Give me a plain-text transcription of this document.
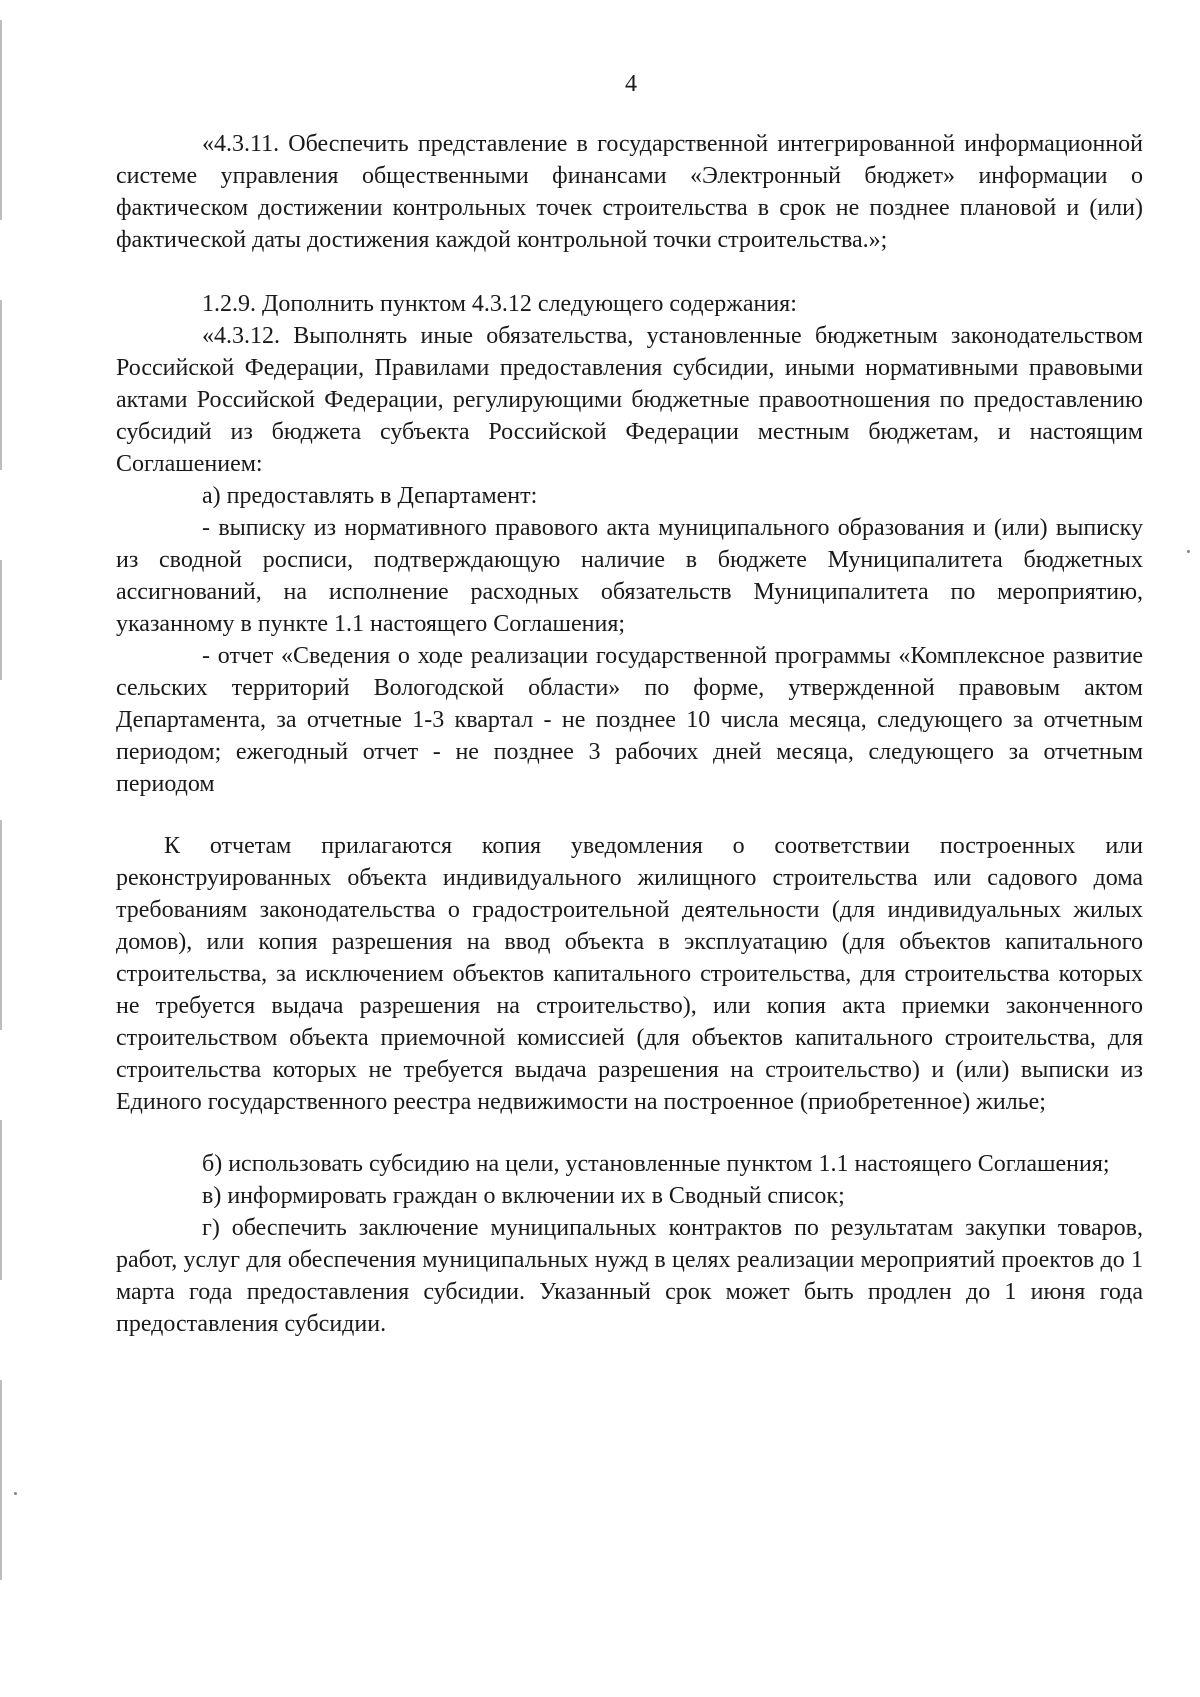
4

«4.3.11. Обеспечить представление в государственной интегрированной информационной системе управления общественными финансами «Электронный бюджет» информации о фактическом достижении контрольных точек строительства в срок не позднее плановой и (или) фактической даты достижения каждой контрольной точки строительства.»;

1.2.9. Дополнить пунктом 4.3.12 следующего содержания:

«4.3.12. Выполнять иные обязательства, установленные бюджетным законодательством Российской Федерации, Правилами предоставления субсидии, иными нормативными правовыми актами Российской Федерации, регулирующими бюджетные правоотношения по предоставлению субсидий из бюджета субъекта Российской Федерации местным бюджетам, и настоящим Соглашением:

а) предоставлять в Департамент:

- выписку из нормативного правового акта муниципального образования и (или) выписку из сводной росписи, подтверждающую наличие в бюджете Муниципалитета бюджетных ассигнований, на исполнение расходных обязательств Муниципалитета по мероприятию, указанному в пункте 1.1 настоящего Соглашения;

- отчет «Сведения о ходе реализации государственной программы «Комплексное развитие сельских территорий Вологодской области» по форме, утвержденной правовым актом Департамента, за отчетные 1-3 квартал - не позднее 10 числа месяца, следующего за отчетным периодом; ежегодный отчет - не позднее 3 рабочих дней месяца, следующего за отчетным периодом

К отчетам прилагаются копия уведомления о соответствии построенных или реконструированных объекта индивидуального жилищного строительства или садового дома требованиям законодательства о градостроительной деятельности (для индивидуальных жилых домов), или копия разрешения на ввод объекта в эксплуатацию (для объектов капитального строительства, за исключением объектов капитального строительства, для строительства которых не требуется выдача разрешения на строительство), или копия акта приемки законченного строительством объекта приемочной комиссией (для объектов капитального строительства, для строительства которых не требуется выдача разрешения на строительство) и (или) выписки из Единого государственного реестра недвижимости на построенное (приобретенное) жилье;

б) использовать субсидию на цели, установленные пунктом 1.1 настоящего Соглашения;

в) информировать граждан о включении их в Сводный список;

г) обеспечить заключение муниципальных контрактов по результатам закупки товаров, работ, услуг для обеспечения муниципальных нужд в целях реализации мероприятий проектов до 1 марта года предоставления субсидии. Указанный срок может быть продлен до 1 июня года предоставления субсидии.
